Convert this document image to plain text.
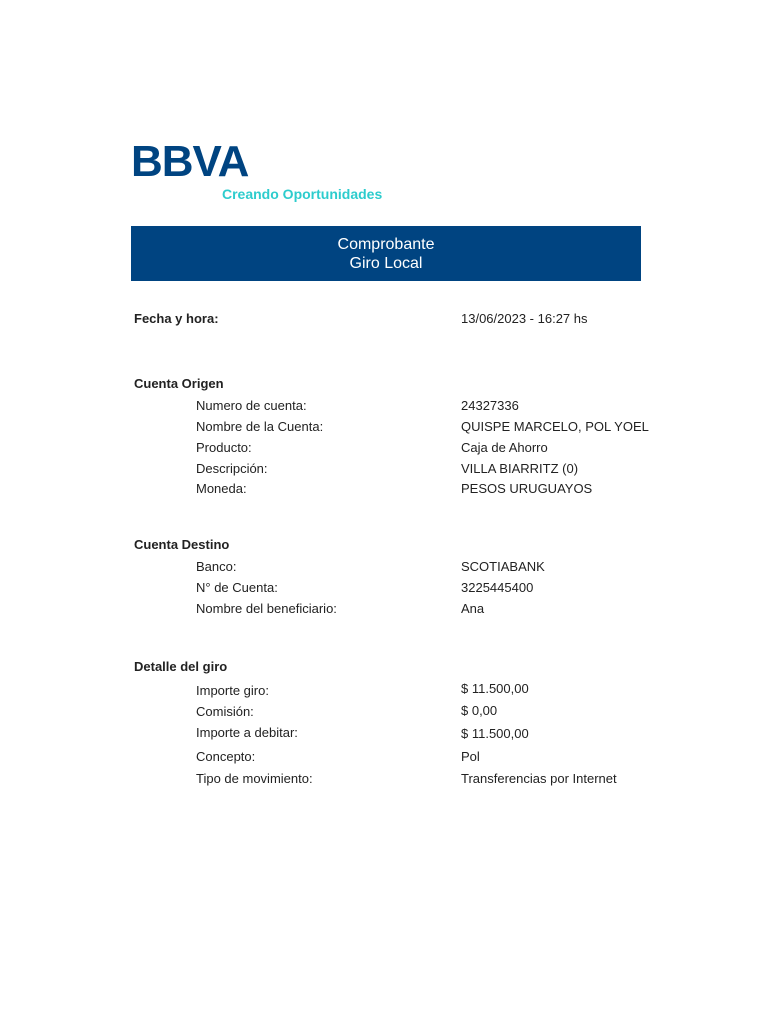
BBVA
Creando Oportunidades
Comprobante
Giro Local
Fecha y hora:	13/06/2023 - 16:27 hs
Cuenta Origen
Numero de cuenta:	24327336
Nombre de la Cuenta:	QUISPE MARCELO, POL YOEL
Producto:	Caja de Ahorro
Descripción:	VILLA BIARRITZ (0)
Moneda:	PESOS URUGUAYOS
Cuenta Destino
Banco:	SCOTIABANK
N° de Cuenta:	3225445400
Nombre del beneficiario:	Ana
Detalle del giro
Importe giro:	$ 11.500,00
Comisión:	$ 0,00
Importe a debitar:	$ 11.500,00
Concepto:	Pol
Tipo de movimiento:	Transferencias por Internet
